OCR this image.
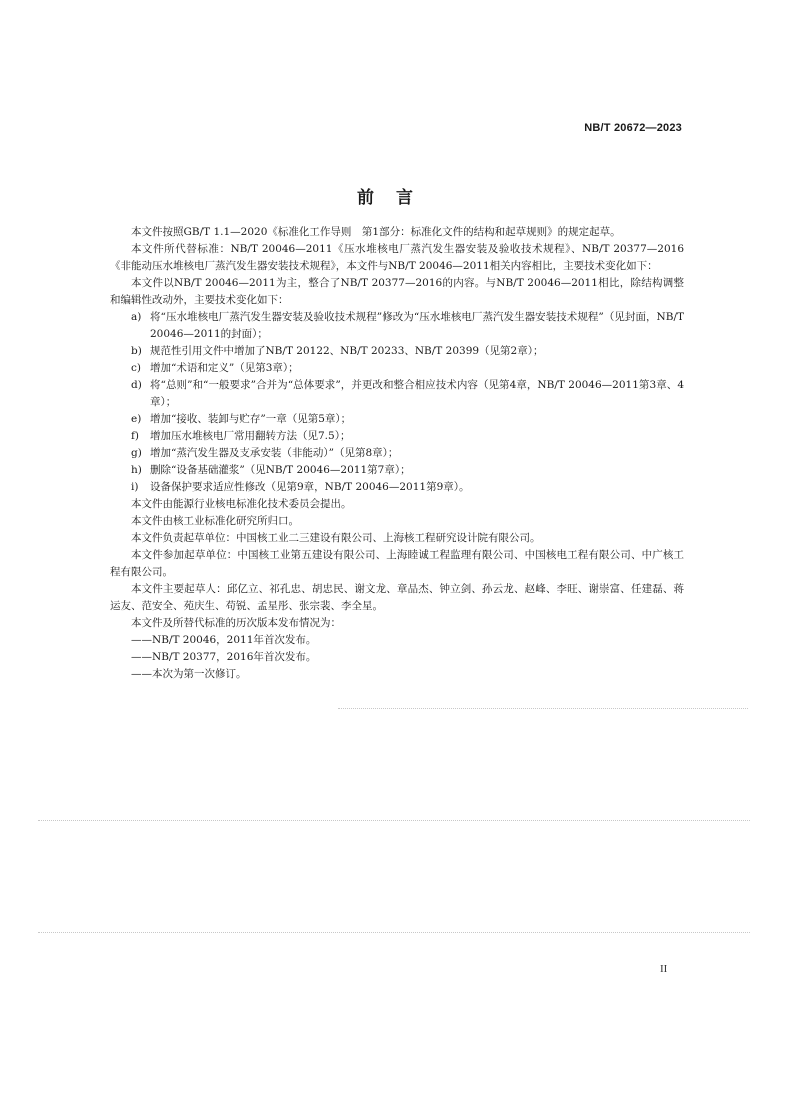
NB/T 20672—2023
前言

本文件按照GB/T 1.1—2020《标准化工作导则　第1部分：标准化文件的结构和起草规则》的规定起草。

本文件所代替标准：NB/T 20046—2011《压水堆核电厂蒸汽发生器安装及验收技术规程》、NB/T 20377—2016《非能动压水堆核电厂蒸汽发生器安装技术规程》，本文件与NB/T 20046—2011相关内容相比，主要技术变化如下：

本文件以NB/T 20046—2011为主，整合了NB/T 20377—2016的内容。与NB/T 20046—2011相比，除结构调整和编辑性改动外，主要技术变化如下：

a) 将“压水堆核电厂蒸汽发生器安装及验收技术规程”修改为“压水堆核电厂蒸汽发生器安装技术规程”（见封面，NB/T 20046—2011的封面）；
b) 规范性引用文件中增加了NB/T 20122、NB/T 20233、NB/T 20399（见第2章）；
c) 增加“术语和定义”（见第3章）；
d) 将“总则”和“一般要求”合并为“总体要求”，并更改和整合相应技术内容（见第4章，NB/T 20046—2011第3章、4章）；
e) 增加“接收、装卸与贮存”一章（见第5章）；
f)	增加压水堆核电厂常用翻转方法（见7.5）；
g) 增加“蒸汽发生器及支承安装（非能动）”（见第8章）；
h) 删除“设备基础灌浆”（见NB/T 20046—2011第7章）；
i)	设备保护要求适应性修改（见第9章，NB/T 20046—2011第9章）。

本文件由能源行业核电标准化技术委员会提出。

本文件由核工业标准化研究所归口。

本文件负责起草单位：中国核工业二三建设有限公司、上海核工程研究设计院有限公司。

本文件参加起草单位：中国核工业第五建设有限公司、上海睦诚工程监理有限公司、中国核电工程有限公司、中广核工程有限公司。

本文件主要起草人：邱亿立、祁孔忠、胡忠民、谢文龙、章品杰、钟立剑、孙云龙、赵峰、李旺、谢崇富、任建磊、蒋运友、范安全、苑庆生、苟锐、孟星彤、张宗裴、李全星。

本文件及所替代标准的历次版本发布情况为：

——NB/T 20046，2011年首次发布。

——NB/T 20377，2016年首次发布。

——本次为第一次修订。

II
